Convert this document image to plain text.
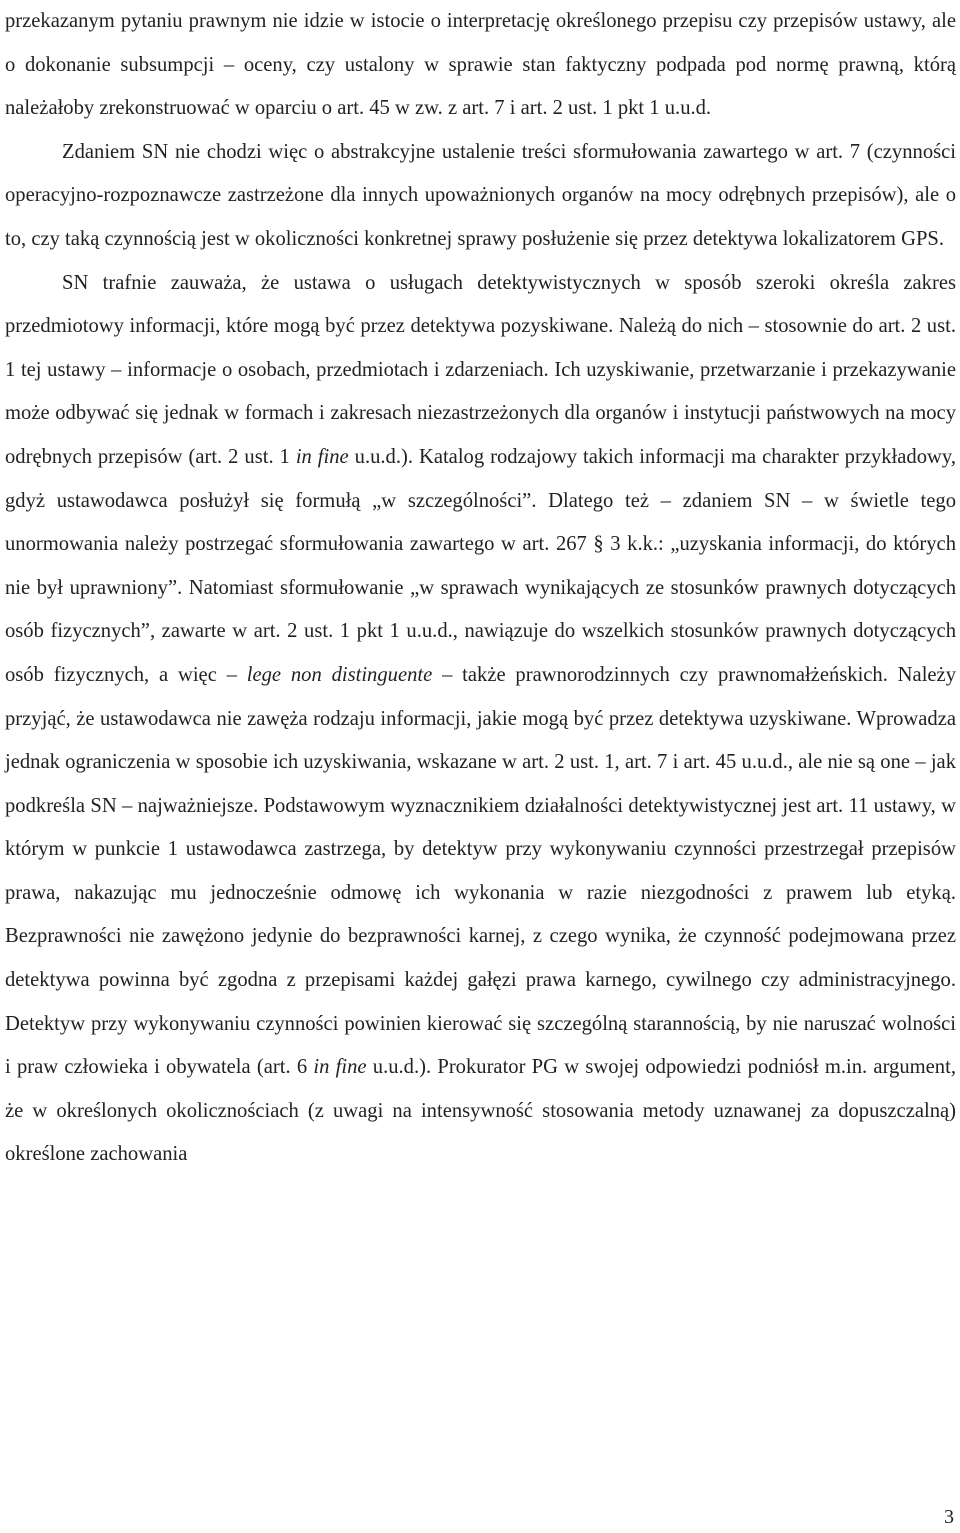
przekazanym pytaniu prawnym nie idzie w istocie o interpretację określonego przepisu czy przepisów ustawy, ale o dokonanie subsumpcji – oceny, czy ustalony w sprawie stan faktyczny podpada pod normę prawną, którą należałoby zrekonstruować w oparciu o art. 45 w zw. z art. 7 i art. 2 ust. 1 pkt 1 u.u.d.

Zdaniem SN nie chodzi więc o abstrakcyjne ustalenie treści sformułowania zawartego w art. 7 (czynności operacyjno-rozpoznawcze zastrzeżone dla innych upoważnionych organów na mocy odrębnych przepisów), ale o to, czy taką czynnością jest w okoliczności konkretnej sprawy posłużenie się przez detektywa lokalizatorem GPS.

SN trafnie zauważa, że ustawa o usługach detektywistycznych w sposób szeroki określa zakres przedmiotowy informacji, które mogą być przez detektywa pozyskiwane. Należą do nich – stosownie do art. 2 ust. 1 tej ustawy – informacje o osobach, przedmiotach i zdarzeniach. Ich uzyskiwanie, przetwarzanie i przekazywanie może odbywać się jednak w formach i zakresach niezastrzeżonych dla organów i instytucji państwowych na mocy odrębnych przepisów (art. 2 ust. 1 in fine u.u.d.). Katalog rodzajowy takich informacji ma charakter przykładowy, gdyż ustawodawca posłużył się formułą „w szczególności”. Dlatego też – zdaniem SN – w świetle tego unormowania należy postrzegać sformułowania zawartego w art. 267 § 3 k.k.: „uzyskania informacji, do których nie był uprawniony”. Natomiast sformułowanie „w sprawach wynikających ze stosunków prawnych dotyczących osób fizycznych”, zawarte w art. 2 ust. 1 pkt 1 u.u.d., nawiązuje do wszelkich stosunków prawnych dotyczących osób fizycznych, a więc – lege non distinguente – także prawnorodzinnych czy prawnomałżeńskich. Należy przyjąć, że ustawodawca nie zawęża rodzaju informacji, jakie mogą być przez detektywa uzyskiwane. Wprowadza jednak ograniczenia w sposobie ich uzyskiwania, wskazane w art. 2 ust. 1, art. 7 i art. 45 u.u.d., ale nie są one – jak podkreśla SN – najważniejsze. Podstawowym wyznacznikiem działalności detektywistycznej jest art. 11 ustawy, w którym w punkcie 1 ustawodawca zastrzega, by detektyw przy wykonywaniu czynności przestrzegał przepisów prawa, nakazując mu jednocześnie odmowę ich wykonania w razie niezgodności z prawem lub etyką. Bezprawności nie zawężono jedynie do bezprawności karnej, z czego wynika, że czynność podejmowana przez detektywa powinna być zgodna z przepisami każdej gałęzi prawa karnego, cywilnego czy administracyjnego. Detektyw przy wykonywaniu czynności powinien kierować się szczególną starannością, by nie naruszać wolności i praw człowieka i obywatela (art. 6 in fine u.u.d.). Prokurator PG w swojej odpowiedzi podniósł m.in. argument, że w określonych okolicznościach (z uwagi na intensywność stosowania metody uznawanej za dopuszczalną) określone zachowania

3
